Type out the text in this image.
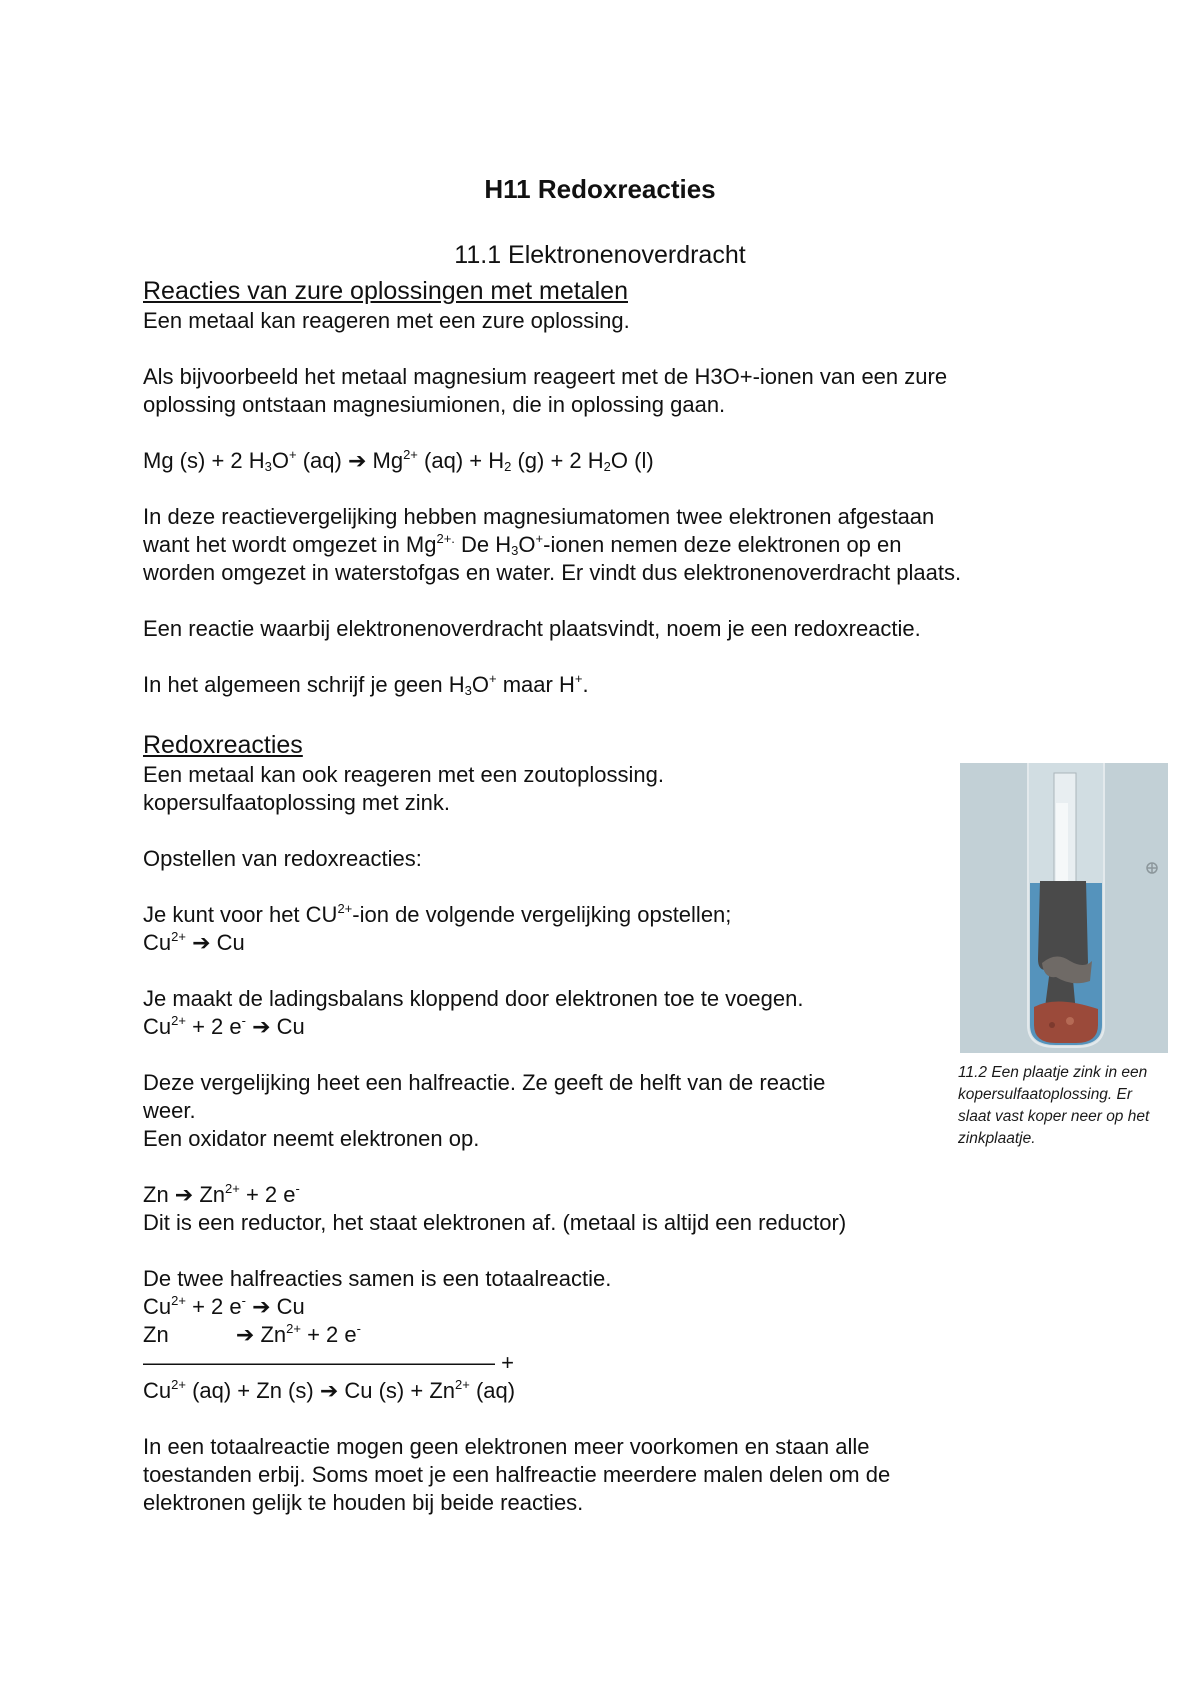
H11 Redoxreacties
11.1 Elektronenoverdracht

Reacties van zure oplossingen met metalen

Een metaal kan reageren met een zure oplossing.

Als bijvoorbeeld het metaal magnesium reageert met de H3O+-ionen van een zure

oplossing ontstaan magnesiumionen, die in oplossing gaan.

Mg (s) + 2 $H_3O^+$ (aq) ➔ $Mg^{2+}$ $(aq) + H_2$ (g) + 2 $H_2O$ (l)

In deze reactievergelijking hebben magnesiumatomen twee elektronen afgestaan

want het wordt omgezet in $Mg^{2+.}$ De $H_3O^+$-ionen nemen deze elektronen op en

worden omgezet in waterstofgas en water. Er vindt dus elektronenoverdracht plaats.

Een reactie waarbij elektronenoverdracht plaatsvindt, noem je een redoxreactie.

In het algemeen schrijf je geen $H_3O^+$ maar H+.

Redoxreacties

Een metaal kan ook reageren met een zoutoplossing.

kopersulfaatoplossing met zink.

Opstellen van redoxreacties:

Je kunt voor het $CU^{2+}$-ion de volgende vergelijking opstellen;

$Cu^{2+}$ ➔ Cu

Je maakt de ladingsbalans kloppend door elektronen toe te voegen.

$Cu^{2+} + 2$ e- ➔ Cu

Deze vergelijking heet een halfreactie. Ze geeft de helft van de reactie

weer.

Een oxidator neemt elektronen op.

Zn ➔ $Zn^{2+} + 2$ e-

Dit is een reductor, het staat elektronen af. (metaal is altijd een reductor)

De twee halfreacties samen is een totaalreactie.

$Cu^{2+} + 2$ e- ➔ Cu

Zn           ➔ $Zn^{2+} + 2$ e-

———————————————— +

$Cu^{2+}$ (aq) + Zn (s) ➔ Cu $(s) + Zn^{2+}$ (aq)

In een totaalreactie mogen geen elektronen meer voorkomen en staan alle

toestanden erbij. Soms moet je een halfreactie meerdere malen delen om de

elektronen gelijk te houden bij beide reacties.

11.2 Een plaatje zink in een
kopersulfaatoplossing. Er
slaat vast koper neer op het
zinkplaatje.
